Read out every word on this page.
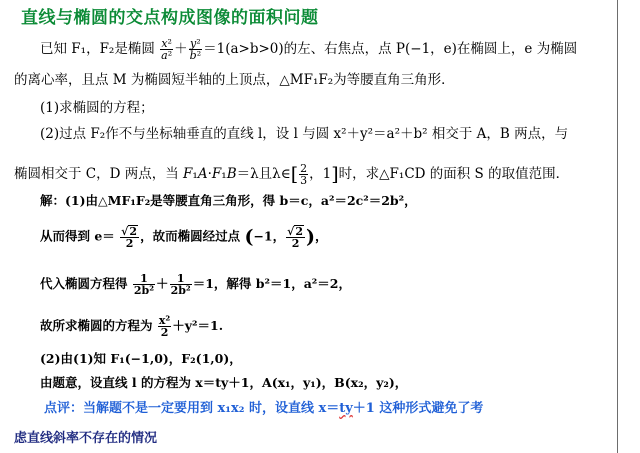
直线与椭圆的交点构成图像的面积问题
已知 F₁，F₂是椭圆 $\frac{\text{x²}}{\text{a²}} + \frac{\text{y²}}{\text{b²}} =1(a>b>0)$的左、右焦点，点 P(−1，e)在椭圆上，e 为椭圆
的离心率，且点 M 为椭圆短半轴的上顶点，△MF₁F₂为等腰直角三角形．
(1)求椭圆的方程；
(2)过点 F₂作不与坐标轴垂直的直线 l，设 l 与圆 x²＋y²＝a²＋b² 相交于 A，B 两点，与
椭圆相交于 C，D 两点，当 F₁A·F₁B＝λ且λ∈[ $\frac{2}{3}$ ，1]时，求△F₁CD 的面积 S 的取值范围．
解：(1)由△MF₁F₂是等腰直角三角形，得 b＝c，a²＝2c²＝2b²，
从而得到 $e= \frac{√2}{2}$ ，故而椭圆经过点 (−1， $\frac{√2}{2}$ )，
代入椭圆方程得 $\frac{1}{\text{2b²}} + \frac{1}{\text{2b²}} =1$，解得 b²＝1，a²＝2，
故所求椭圆的方程为 $\frac{\text{x²}}{2} +y^2=1$.
(2)由(1)知 F₁(−1,0)，F₂(1,0)，
由题意，设直线 l 的方程为 x＝ty＋1，A(x₁，y₁)，B(x₂，y₂)，
点评：当解题不是一定要用到 x₁x₂ 时，设直线 x＝ty＋1 这种形式避免了考
虑直线斜率不存在的情况
